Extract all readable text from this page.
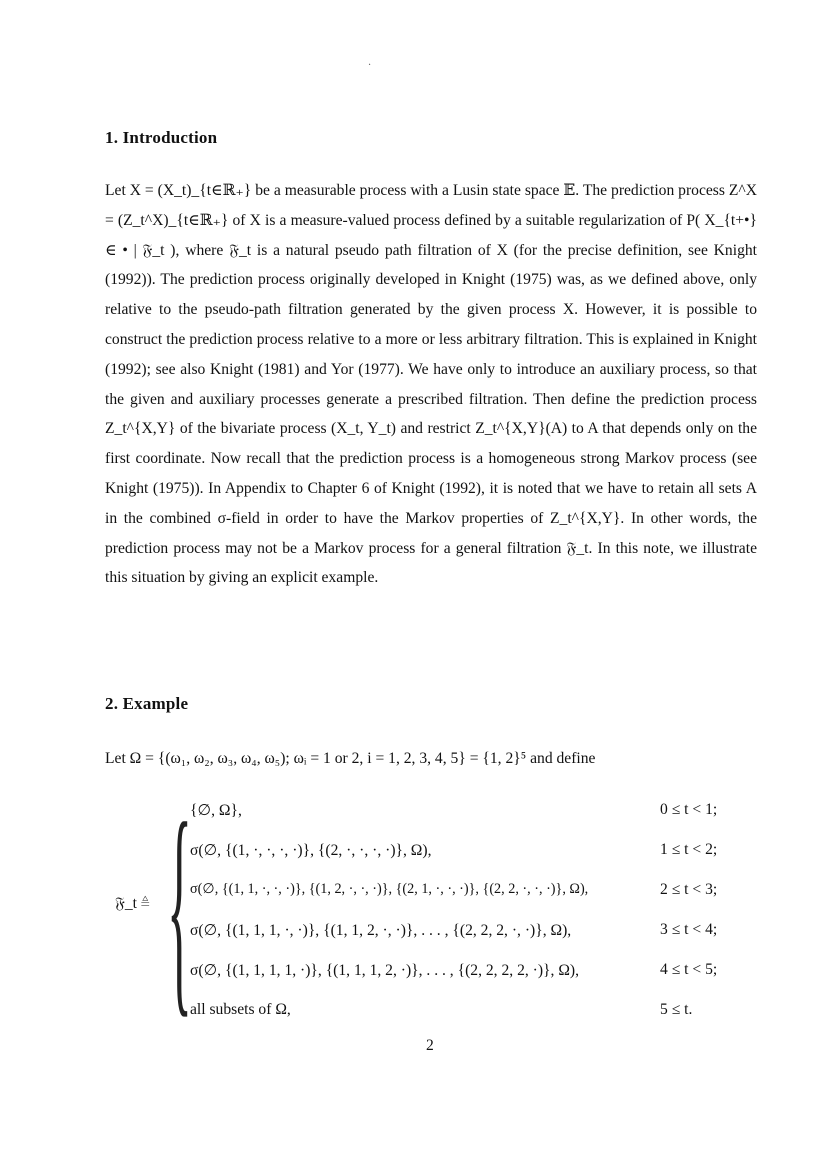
·
1. Introduction

Let X = (X_t)_{t∈ℝ₊} be a measurable process with a Lusin state space 𝔼. The prediction process Z^X = (Z_t^X)_{t∈ℝ₊} of X is a measure-valued process defined by a suitable regularization of P( X_{t+•} ∈ • | 𝔉_t ), where 𝔉_t is a natural pseudo path filtration of X (for the precise definition, see Knight (1992)). The prediction process originally developed in Knight (1975) was, as we defined above, only relative to the pseudo-path filtration generated by the given process X. However, it is possible to construct the prediction process relative to a more or less arbitrary filtration. This is explained in Knight (1992); see also Knight (1981) and Yor (1977). We have only to introduce an auxiliary process, so that the given and auxiliary processes generate a prescribed filtration. Then define the prediction process Z_t^{X,Y} of the bivariate process (X_t, Y_t) and restrict Z_t^{X,Y}(A) to A that depends only on the first coordinate. Now recall that the prediction process is a homogeneous strong Markov process (see Knight (1975)). In Appendix to Chapter 6 of Knight (1992), it is noted that we have to retain all sets A in the combined σ-field in order to have the Markov properties of Z_t^{X,Y}. In other words, the prediction process may not be a Markov process for a general filtration 𝔉_t. In this note, we illustrate this situation by giving an explicit example.

2. Example

Let Ω = {(ω₁, ω₂, ω₃, ω₄, ω₅); ωᵢ = 1 or 2, i = 1, 2, 3, 4, 5} = {1, 2}⁵ and define

𝔉_t ≜ {
{∅, Ω},	0 ≤ t < 1;
σ(∅, {(1, ·, ·, ·, ·)}, {(2, ·, ·, ·, ·)}, Ω),	1 ≤ t < 2;
σ(∅, {(1, 1, ·, ·, ·)}, {(1, 2, ·, ·, ·)}, {(2, 1, ·, ·, ·)}, {(2, 2, ·, ·, ·)}, Ω),	2 ≤ t < 3;
σ(∅, {(1, 1, 1, ·, ·)}, {(1, 1, 2, ·, ·)}, . . . , {(2, 2, 2, ·, ·)}, Ω),	3 ≤ t < 4;
σ(∅, {(1, 1, 1, 1, ·)}, {(1, 1, 1, 2, ·)}, . . . , {(2, 2, 2, 2, ·)}, Ω),	4 ≤ t < 5;
all subsets of Ω,	5 ≤ t.
2
